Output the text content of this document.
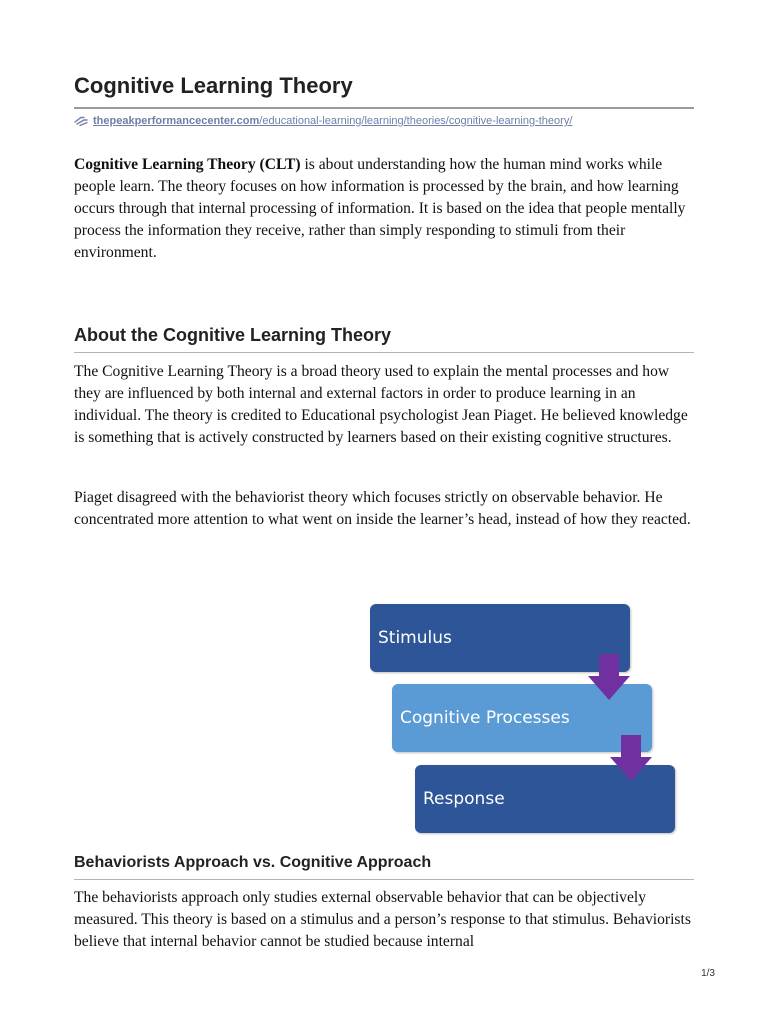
Cognitive Learning Theory
thepeakperformancecenter.com/educational-learning/learning/theories/cognitive-learning-theory/

Cognitive Learning Theory (CLT) is about understanding how the human mind works while people learn. The theory focuses on how information is processed by the brain, and how learning occurs through that internal processing of information. It is based on the idea that people mentally process the information they receive, rather than simply responding to stimuli from their environment.

About the Cognitive Learning Theory

The Cognitive Learning Theory is a broad theory used to explain the mental processes and how they are influenced by both internal and external factors in order to produce learning in an individual. The theory is credited to Educational psychologist Jean Piaget. He believed knowledge is something that is actively constructed by learners based on their existing cognitive structures.

Piaget disagreed with the behaviorist theory which focuses strictly on observable behavior. He concentrated more attention to what went on inside the learner’s head, instead of how they reacted.

Stimulus
Cognitive Processes
Response
Behaviorists Approach vs. Cognitive Approach

The behaviorists approach only studies external observable behavior that can be objectively measured. This theory is based on a stimulus and a person’s response to that stimulus. Behaviorists believe that internal behavior cannot be studied because internal

1/3
